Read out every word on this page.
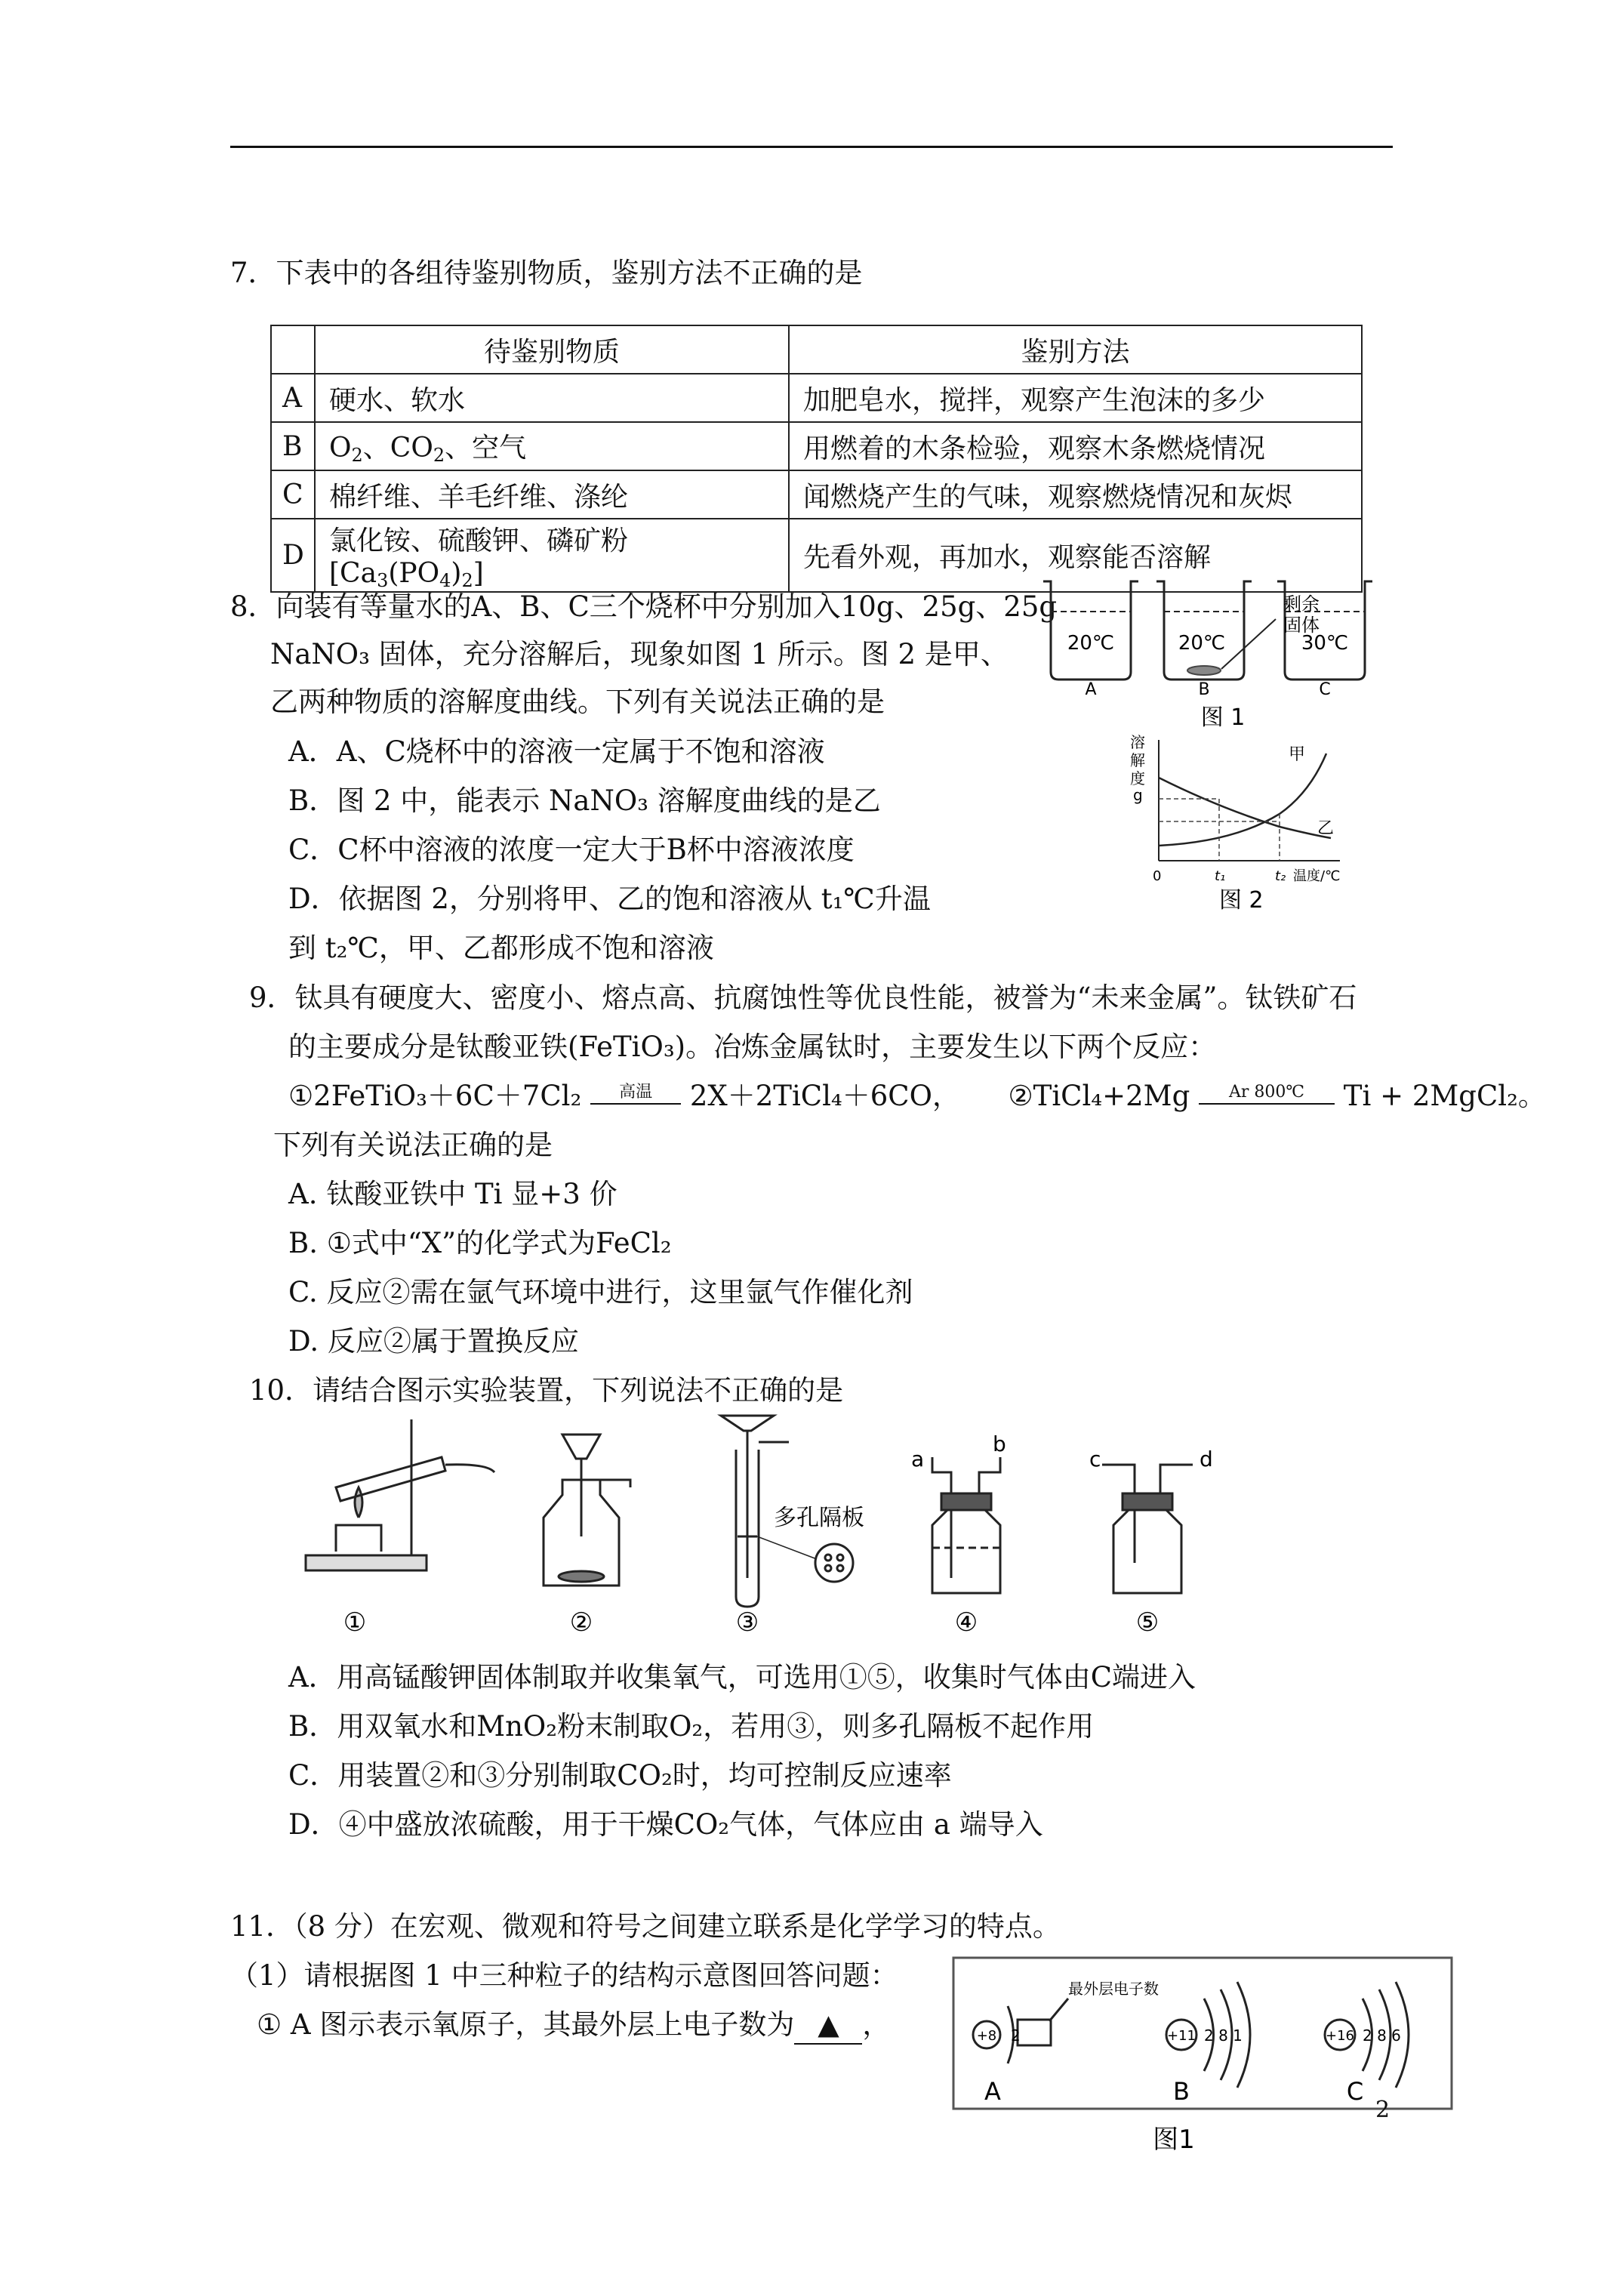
7．下表中的各组待鉴别物质，鉴别方法不正确的是
	待鉴别物质	鉴别方法
A	硬水、软水	加肥皂水，搅拌，观察产生泡沫的多少
B	$O_2$、$CO_2$、空气	用燃着的木条检验，观察木条燃烧情况
C	棉纤维、羊毛纤维、涤纶	闻燃烧产生的气味，观察燃烧情况和灰烬
D	氯化铵、硫酸钾、磷矿粉$[Ca_3(PO_4)_2]$	先看外观，再加水，观察能否溶解
8．向装有等量水的A、B、C三个烧杯中分别加入10g、25g、25g
NaNO₃ 固体，充分溶解后，现象如图 1 所示。图 2 是甲、
乙两种物质的溶解度曲线。下列有关说法正确的是
A．A、C烧杯中的溶液一定属于不饱和溶液
B．图 2 中，能表示 NaNO₃ 溶解度曲线的是乙
C．C杯中溶液的浓度一定大于B杯中溶液浓度
D．依据图 2，分别将甲、乙的饱和溶液从 t₁℃升温
到 t₂℃，甲、乙都形成不饱和溶液
20℃	20℃	30℃
剩余
固体
A	B	C
图 1
溶
解
度
g
甲
乙
0	t₁	t₂ 温度/℃
图 2
9．钛具有硬度大、密度小、熔点高、抗腐蚀性等优良性能，被誉为“未来金属”。钛铁矿石
的主要成分是钛酸亚铁(FeTiO₃)。冶炼金属钛时，主要发生以下两个反应：
①2FeTiO₃＋6C＋7Cl₂	高温	2X＋2TiCl₄＋6CO， ②TiCl₄+2Mg	Ar 800℃	Ti + 2MgCl₂。
下列有关说法正确的是
A. 钛酸亚铁中 Ti 显+3 价
B. ①式中“X”的化学式为FeCl₂
C. 反应②需在氩气环境中进行，这里氩气作催化剂
D. 反应②属于置换反应
10．请结合图示实验装置，下列说法不正确的是
①	②	③	④	⑤
多孔隔板
a
b
c	d
A．用高锰酸钾固体制取并收集氧气，可选用①⑤，收集时气体由C端进入
B．用双氧水和MnO₂粉末制取O₂，若用③，则多孔隔板不起作用
C．用装置②和③分别制取CO₂时，均可控制反应速率
D．④中盛放浓硫酸，用于干燥CO₂气体，气体应由 a 端导入
11．（8 分）在宏观、微观和符号之间建立联系是化学学习的特点。
（1）请根据图 1 中三种粒子的结构示意图回答问题：
① A 图示表示氧原子，其最外层上电子数为 ▲ ，
最外层电子数
+8 2	+11 2 8 1	+16 2 8 6
A	B	C
图1
2
